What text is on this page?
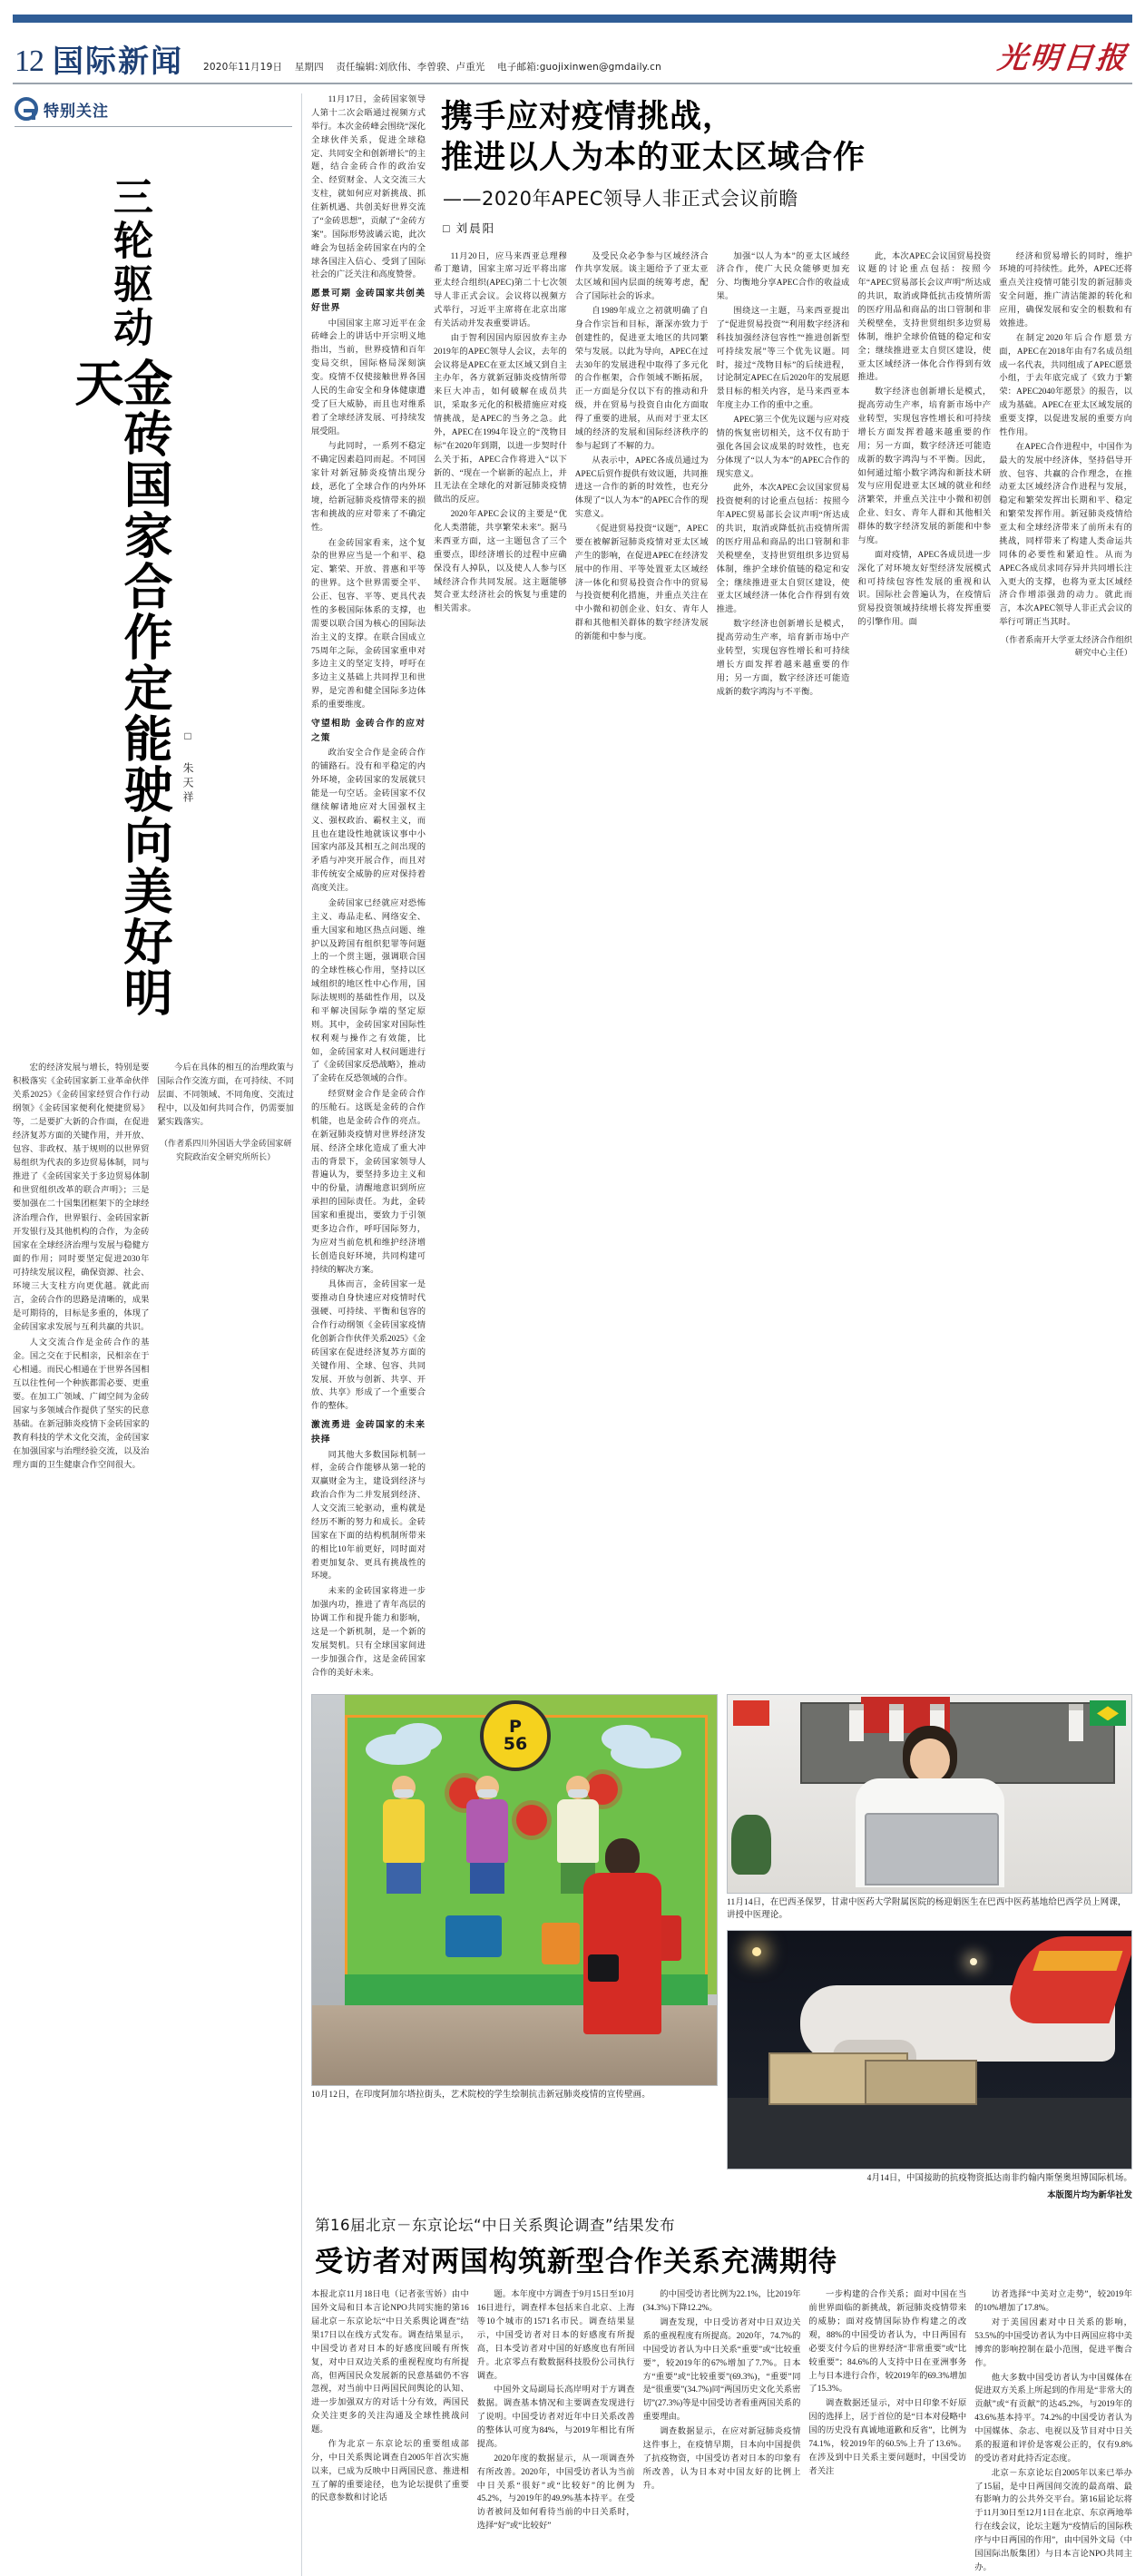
12 国际新闻 2020年11月19日 星期四 责任编辑:刘欣伟、李曾骙、卢重光 电子邮箱:guojixinwen@gmdaily.cn	光明日报
特别关注
三轮驱动
金砖国家合作定能驶向美好明天
□ 朱天祥

宏的经济发展与增长，特别是要积极落实《金砖国家新工业革命伙伴关系2025》《金砖国家经贸合作行动纲领》《金砖国家便利化便捷贸易》等，二是要扩大新的合作面，在促进经济复苏方面的关键作用，并开放、包容、非政权、基于规则的以世界贸易组织为代表的多边贸易体制，同与推进了《金砖国家关于多边贸易体制和世贸组织改革的联合声明》；三是要加强在二十国集团框架下的全球经济治理合作，世界银行、金砖国家新开发银行及其他机构的合作，为金砖国家在全球经济治理与发展与稳健方面的作用；同时要坚定促进2030年可持续发展议程，确保资源、社会、环境三大支柱方向更优越。就此而言，金砖合作的思路是清晰的，成果是可期待的，目标是多重的，体现了金砖国家求发展与互利共赢的共识。

人文交流合作是金砖合作的基金。国之交在于民相亲，民相亲在于心相通。而民心相通在于世界各国相互以往性何一个种族都需必要、更重要。在加工广领域、广阔空间为金砖国家与多领域合作提供了坚实的民意基础。在新冠肺炎疫情下金砖国家的教育科技的学术文化交流，金砖国家在加强国家与治理经验交流，以及治理方面的卫生健康合作空间很大。

今后在具体的相互的治理政策与国际合作交流方面，在可持续、不同层面、不同领域、不同角度、交流过程中，以及如何共同合作，仍需要加紧实践落实。

（作者系四川外国语大学金砖国家研究院政治安全研究所所长）

11月17日，金砖国家领导人第十二次会晤通过视频方式举行。本次金砖峰会围绕“深化全球伙伴关系，促进全球稳定、共同安全和创新增长”的主题，结合金砖合作的政治安全、经贸财金、人文交流三大支柱，就如何应对新挑战、抓住新机遇、共创美好世界交流了“金砖思想”，贡献了“金砖方案”。国际形势波谲云诡，此次峰会为包括金砖国家在内的全球各国注入信心、受到了国际社会的广泛关注和高度赞誉。

愿景可期 金砖国家共创美好世界

中国国家主席习近平在金砖峰会上的讲话中开宗明义地指出，当前，世界疫情和百年变局交织，国际格局深刻演变。疫情不仅使接触世界各国人民的生命安全和身体健康遭受了巨大威胁，而且也对维系着了全球经济发展、可持续发展受阻。

与此同时，一系列不稳定不确定因素趋同而起。不同国家针对新冠肺炎疫情出现分歧，恶化了全球合作的内外环境，给新冠肺炎疫情带来的损害和挑战的应对带来了不确定性。

在金砖国家看来，这个复杂的世界应当是一个和平、稳定、繁荣、开放、普惠和平等的世界。这个世界需要全平、公正、包容、平等、更具代表性的多极国际体系的支撑，也需要以联合国为核心的国际法治主义的支撑。在联合国成立75周年之际，金砖国家重申对多边主义的坚定支持，呼吁在多边主义基础上共同捍卫和世界，是完善和健全国际多边体系的重要维度。

守望相助 金砖合作的应对之策

政治安全合作是金砖合作的铺路石。没有和平稳定的内外环境，金砖国家的发展就只能是一句空话。金砖国家不仅继续解诸地应对大国强权主义、强权政治、霸权主义，而且也在建设性地就该议事中小国家内部及其相互之间出现的矛盾与冲突开展合作，而且对非传统安全威胁的应对保持着高度关注。

金砖国家已经就应对恐怖主义、毒品走私、网络安全、重大国家和地区热点问题、维护以及跨国有组织犯罪等问题上的一个贯主题，强调联合国的全球性核心作用，坚持以区域组织的地区性中心作用，国际法规则的基础性作用，以及和平解决国际争端的坚定原则。其中，金砖国家对国际性权利观与操作之有效能，比如，金砖国家对人权问题进行了《金砖国家反恐战略》，推动了金砖在反恐领域的合作。

经贸财金合作是金砖合作的压舱石。这既是金砖的合作机能，也是金砖合作的亮点。在新冠肺炎疫情对世界经济发展、经济全球化造成了重大冲击的背景下，金砖国家领导人普遍认为，要坚持多边主义和中的份量，清醒地意识到所应承担的国际责任。为此，金砖国家和重提出，要致力于引领更多边合作，呼吁国际努力，为应对当前危机和维护经济增长创造良好环境，共同构建可持续的解决方案。

具体而言，金砖国家一是要推动自身快速应对疫情时代强硬、可持续、平衡和包容的合作行动纲领《金砖国家疫情化创新合作伙伴关系2025》《金砖国家在促进经济复苏方面的关键作用、全球、包容、共同发展、开放与创新、共享、开放、共享》形成了一个重要合作的整体。

激流勇进 金砖国家的未来抉择

同其他大多数国际机制一样，金砖合作能够从第一轮的双赢财金为主，建设到经济与政治合作为二并发展到经济、人文交流三轮驱动，重构就是经历不断的努力和成长。金砖国家在下面的结构机制所带来的相比10年前更好，同时面对着更加复杂、更具有挑战性的环境。

未来的金砖国家将进一步加强内功，推进了青年高层的协调工作和提升能力和影响，这是一个新机制，是一个新的发展契机。只有全球国家间进一步加强合作，这是金砖国家合作的美好未来。

携手应对疫情挑战，
推进以人为本的亚太区域合作
——2020年APEC领导人非正式会议前瞻
□ 刘晨阳

11月20日，应马来西亚总理穆希丁邀请，国家主席习近平将出席亚太经合组织(APEC)第二十七次领导人非正式会议。会议将以视频方式举行，习近平主席将在北京出席有关活动并发表重要讲话。

由于智利因国内原因放弃主办2019年的APEC领导人会议，去年的会议将是APEC在亚太区域又到自主主办年，各方就新冠肺炎疫情所带来巨大冲击，如何破解在成员共识，采取多元化的积极措施应对疫情挑战，是APEC的当务之急。此外，APEC在1994年设立的“茂物目标”在2020年到期，以进一步契时什么关于拓，APEC合作将进入“以下新的、“现在一个崭新的起点上，并且无法在全球化的对新冠肺炎疫情做出的反应。

2020年APEC会议的主要是“优化人类潜能，共享繁荣未来”。据马来西亚方面，这一主题包含了三个重要点，即经济增长的过程中应确保没有人掉队，以及使人人参与区域经济合作共同发展。这主题能够契合亚太经济社会的恢复与重建的相关需求。

及受民众必争参与区域经济合作共享发展。谈主题给予了亚太亚太区域和国内层面的统筹考虑，配合了国际社会的诉求。

自1989年成立之初就明确了自身合作宗旨和目标，渐深亦致力于创建性的，促进亚太地区的共同繁荣与发展。以此为导向，APEC在过去30年的发展进程中取得了多元化的合作框架，合作领域不断拓展，正一方面是分仅以下有的推动和升级，并在贸易与投资自由化方面取得了重要的进展，从而对于亚太区域的经济的发展和国际经济秩序的参与起到了不解的力。

从表示中，APEC各成员通过为APEC后贸作提供有效议题，共同推进这一合作的新的时效性，也充分体现了“以人为本”的APEC合作的现实意义。

《促进贸易投资“议题”，APEC要在被解新冠肺炎疫情对亚太区域产生的影响，在促进APEC在经济发展中的作用、平等处置亚太区域经济一体化和贸易投资合作中的贸易与投资便利化措施，并重点关注在中小微和初创企业、妇女、青年人群和其他相关群体的数字经济发展的新能和中参与度。

加强“以人为本”的亚太区域经济合作，使广大民众能够更加充分、均衡地分享APEC合作的收益成果。

围绕这一主题，马来西亚提出了“促进贸易投资”“利用数字经济和科技加强经济包容性”“推进创新型可持续发展”等三个优先议题。同时，接过“茂物目标”的后续进程，讨论制定APEC在后2020年的发展愿景目标的相关内容，是马来西亚本年度主办工作的重中之重。

APEC第三个优先议题与应对疫情的恢复密切相关，这不仅有助于强化各国会议成果的时效性，也充分体现了“以人为本”的APEC合作的现实意义。

此外，本次APEC会议国家贸易投资便利的讨论重点包括：按照今年APEC贸易部长会议声明“所达成的共识，取消或降低抗击疫情所需的医疗用品和商品的出口管制和非关税壁垒，支持世贸组织多边贸易体制，维护全球价值链的稳定和安全；继续推进亚太自贸区建设，使亚太区域经济一体化合作得到有效推进。

数字经济也创新增长是模式，提高劳动生产率，培育新市场中产业转型，实现包容性增长和可持续增长方面发挥着越来越重要的作用；另一方面，数字经济还可能造成新的数字鸿沟与不平衡。

此，本次APEC会议国贸易投资议题的讨论重点包括：按照今年“APEC贸易部长会议声明”所达成的共识，取消或降低抗击疫情所需的医疗用品和商品的出口管制和非关税壁垒，支持世贸组织多边贸易体制，维护全球价值链的稳定和安全；继续推进亚太自贸区建设，使亚太区域经济一体化合作得到有效推进。

数字经济也创新增长是模式，提高劳动生产率，培育新市场中产业转型，实现包容性增长和可持续增长方面发挥着越来越重要的作用；另一方面，数字经济还可能造成新的数字鸿沟与不平衡。因此，如何通过缩小数字鸿沟和新技术研发与应用促进亚太区域的就业和经济繁荣，并重点关注中小微和初创企业、妇女、青年人群和其他相关群体的数字经济发展的新能和中参与度。

面对疫情，APEC各成员进一步深化了对环境友好型经济发展模式和可持续包容性发展的重视和认识。国际社会普遍认为，在疫情后贸易投资领域持续增长将发挥重要的引擎作用。面

经济和贸易增长的同时，维护环境的可持续性。此外，APEC还将重点关注疫情可能引发的新冠肺炎安全问题，推广清洁能源的转化和应用，确保发展和安全的根数和有效推进。

在制定2020年后合作愿景方面，APEC在2018年由有7名成员组成一名代表，共同组成了APEC愿景小组，于去年底完成了《致力于繁荣：APEC2040年愿景》的报告，以成为基础。APEC在亚太区域发展的重要支撑，以促进发展的重要方向性作用。

在APEC合作进程中，中国作为最大的发展中经济体，坚持倡导开放、包容、共赢的合作理念，在推动亚太区域经济合作进程与发展，稳定和繁荣发挥出长期和平、稳定和繁荣发挥作用。新冠肺炎疫情给亚太和全球经济带来了前所未有的挑战，同样带来了构建人类命运共同体的必要性和紧迫性。从而为APEC各成员求同存异并共同增长注入更大的支撑，也将为亚太区域经济合作增添强劲的动力。就此而言，本次APEC领导人非正式会议的举行可谓正当其时。

（作者系南开大学亚太经济合作组织研究中心主任）
P
56
10月12日，在印度阿加尔塔拉街头，艺术院校的学生绘制抗击新冠肺炎疫情的宣传壁画。
11月14日，在巴西圣保罗，甘肃中医药大学附属医院的杨迎娟医生在巴西中医药基地给巴西学员上网课，讲授中医理论。
4月14日，中国接助的抗疫物资抵达南非约翰内斯堡奥坦博国际机场。
本版图片均为新华社发
第16届北京－东京论坛“中日关系舆论调查”结果发布
受访者对两国构筑新型合作关系充满期待

本报北京11月18日电（记者张雪娇）由中国外文局和日本言论NPO共同实施的第16届北京－东京论坛“中日关系舆论调查”结果17日以在线方式发布。调查结果显示，中国受访者对日本的好感度回暖有所恢复，对中日双边关系的重视程度均有所提高，但两国民众发展新的民意基础仍不容忽视，对当前中日两国民间舆论的认知、进一步加强双方的对话十分有效，两国民众关注更多的关注沟通及全球性挑战问题。

作为北京－东京论坛的重要组成部分，中日关系舆论调查自2005年首次实施以来，已成为反映中日两国民意、推进相互了解的重要途径，也为论坛提供了重要的民意参数和讨论话

题。本年度中方调查于9月15日至10月16日进行，调查样本包括来自北京、上海等10个城市的1571名市民。调查结果显示，中国受访者对日本的好感度有所提高，日本受访者对中国的好感度也有所回升。北京零点有数数据科技股份公司执行调查。

中国外文局副局长高岸明对于方调查数据。调查基本情况和主要调查发现进行了说明。中国受访者对近年中日关系改善的整体认可度为84%，与2019年相比有所提高。

2020年度的数据显示，从一项调查外有所改善。2020年，中国受访者认为当前中日关系“很好”或“比较好”的比例为45.2%，与2019年的49.9%基本持平。在受访者被问及如何看待当前的中日关系时，选择“好”或“比较好”

的中国受访者比例为22.1%，比2019年(34.3%)下降12.2%。

调查发现，中日受访者对中日双边关系的重视程度有所提高。2020年，74.7%的中国受访者认为中日关系“重要”或“比较重要”，较2019年的67%增加了7.7%。日本方“重要”或“比较重要”(69.3%)，“重要”同是“很重要”(34.7%)同“两国历史文化关系密切”(27.3%)等是中国受访者看重两国关系的重要理由。

调查数据显示，在应对新冠肺炎疫情这件事上，在疫情早期，日本向中国提供了抗疫物资，中国受访者对日本的印象有所改善，认为日本对中国友好的比例上升。

一步构建的合作关系；面对中国在当前世界面临的新挑战，新冠肺炎疫情带来的威胁；面对疫情国际协作构建之的改观，88%的中国受访者认为，中日两国有必要支付今后的世界经济“非常重要”或“比较重要”；84.6%的人支持中日在亚洲事务上与日本进行合作，较2019年的69.3%增加了15.3%。

调查数据还显示，对中日印象不好原因的选择上，居于首位的是“日本对侵略中国的历史没有真诚地道歉和反省”，比例为74.1%，较2019年的60.5%上升了13.6%。在涉及到中日关系主要问题时，中国受访者关注

访者选择“中美对立走势”，较2019年的10%增加了17.8%。

对于美国因素对中日关系的影响，53.5%的中国受访者认为中日两国应将中美博弈的影响控制在最小范围，促进平衡合作。

他大多数中国受访者认为中国媒体在促进双方关系上所起到的作用是“非常大的贡献”或“有贡献”的达45.2%，与2019年的43.6%基本持平。74.2%的中国受访者认为中国媒体、杂志、电视以及节目对中日关系的报道和评价是客观公正的，仅有9.8%的受访者对此持否定态度。

北京－东京论坛自2005年以来已举办了15届，是中日两国间交流的最高端、最有影响力的公共外交平台。第16届论坛将于11月30日至12月1日在北京、东京两地举行在线会议，论坛主题为“疫情后的国际秩序与中日两国的作用”，由中国外文局（中国国际出版集团）与日本言论NPO共同主办。
